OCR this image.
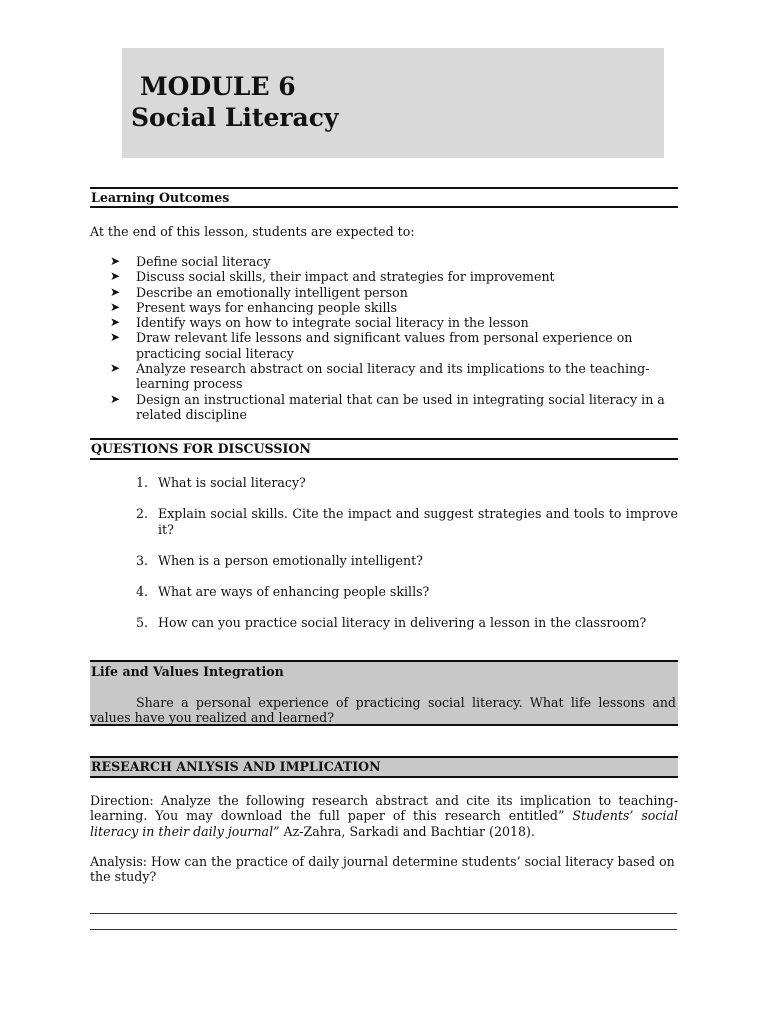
MODULE 6
Social Literacy
Learning Outcomes
At the end of this lesson, students are expected to:
➤ Define social literacy
➤ Discuss social skills, their impact and strategies for improvement
➤ Describe an emotionally intelligent person
➤ Present ways for enhancing people skills
➤ Identify ways on how to integrate social literacy in the lesson
➤ Draw relevant life lessons and significant values from personal experience on practicing social literacy
➤ Analyze research abstract on social literacy and its implications to the teaching-learning process
➤ Design an instructional material that can be used in integrating social literacy in a related discipline
QUESTIONS FOR DISCUSSION
1. What is social literacy?
2. Explain social skills. Cite the impact and suggest strategies and tools to improve it?
3. When is a person emotionally intelligent?
4. What are ways of enhancing people skills?
5. How can you practice social literacy in delivering a lesson in the classroom?
Life and Values Integration
Share a personal experience of practicing social literacy. What life lessons and values have you realized and learned?
RESEARCH ANLYSIS AND IMPLICATION
Direction: Analyze the following research abstract and cite its implication to teaching-learning. You may download the full paper of this research entitled” Students’ social literacy in their daily journal” Az-Zahra, Sarkadi and Bachtiar (2018).
Analysis: How can the practice of daily journal determine students’ social literacy based on the study?
